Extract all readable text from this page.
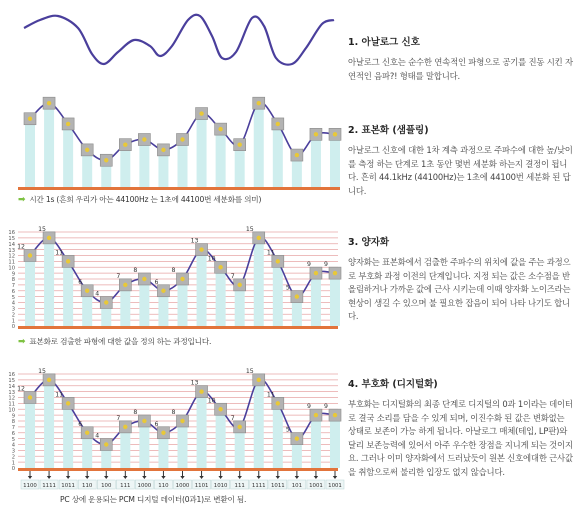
1. 아날로그 신호

아날로그 신호는 순수한 연속적인 파형으로 공기를 진동 시킨 자연적인 음파?! 형태를 말합니다.

➡ 시간 1s (흔희 우리가 아는 44100Hz 는 1초에 44100번 세분화를 의미)

2. 표본화 (샘플링)

아날로그 신호에 대한 1차 계측 과정으로 주파수에 대한 높/낮이를 측정 하는 단계로 1초 동안 몇번 세분화 하는지 결정이 됩니다. 흔히 44.1kHz (44100Hz)는 1초에 44100번 세분화 된 답니다.

16
15
14
13
12
11
10
9
8
7
6
5
4
3
2
1
0
12
15
11
6
4
7
8
6
8
13
10
7
15
11
5
9 9
➡ 표본화로 검출한 파형에 대한 값을 정의 하는 과정입니다.

3. 양자화

양자화는 표본화에서 검출한 주파수의 위치에 값을 주는 과정으로 부호화 과정 이전의 단계입니다. 지정 되는 값은 소수점을 반올림하거나 가까운 값에 근사 시키는데 이때 양자화 노이즈라는 현상이 생길 수 있으며 불 필요한 잡음이 되어 나타 나기도 합니다.

16
15
14
13
12
11
10
9
8
7
6
5
4
3
2
1
0
12
15
11
6
4
7
8
6
8
13
10
7
15
11
5
9 9
1100 1111 1011 110 100 111 1000 110 1000 1101 1010 111 1111 1011 101 1001 1001
PC 상에 운용되는 PCM 디지털 데이터(0과1)로 변환이 됨.

4. 부호화 (디지털화)

부호화는 디지털화의 최종 단계로 디지털의 0과 1이라는 데이터로 결국 소리를 담을 수 있게 되며, 이진수화 된 값은 변화없는 상태로 보존이 가능 하게 됩니다. 아날로그 매체(테입, LP판)와 달리 보존능력에 있어서 아주 우수한 장점을 지니게 되는 것이지요. 그러나 이미 양자화에서 드러났듯이 원본 신호에대한 근사값을 취함으로써 불리한 입장도 없지 않습니다.
